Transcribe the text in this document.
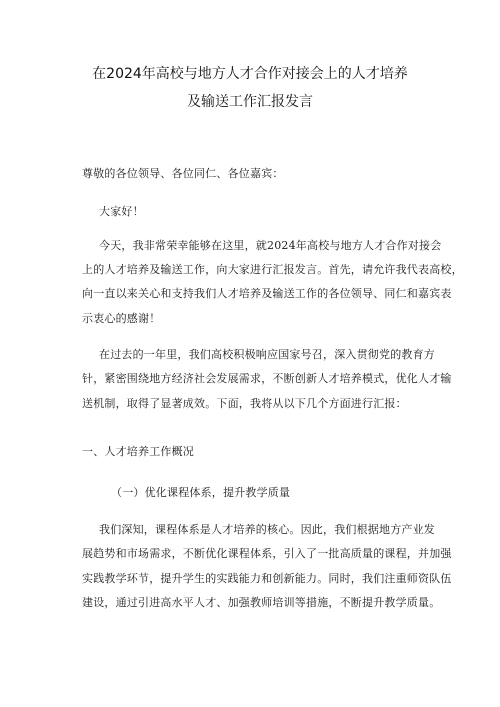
在2024年高校与地方人才合作对接会上的人才培养
及输送工作汇报发言
尊敬的各位领导、各位同仁、各位嘉宾：
大家好！
今天，我非常荣幸能够在这里，就2024年高校与地方人才合作对接会
上的人才培养及输送工作，向大家进行汇报发言。首先，请允许我代表高校，
向一直以来关心和支持我们人才培养及输送工作的各位领导、同仁和嘉宾表
示衷心的感谢！
在过去的一年里，我们高校积极响应国家号召，深入贯彻党的教育方
针，紧密围绕地方经济社会发展需求，不断创新人才培养模式，优化人才输
送机制，取得了显著成效。下面，我将从以下几个方面进行汇报：
一、人才培养工作概况
（一）优化课程体系，提升教学质量
我们深知，课程体系是人才培养的核心。因此，我们根据地方产业发
展趋势和市场需求，不断优化课程体系，引入了一批高质量的课程，并加强
实践教学环节，提升学生的实践能力和创新能力。同时，我们注重师资队伍
建设，通过引进高水平人才、加强教师培训等措施，不断提升教学质量。
